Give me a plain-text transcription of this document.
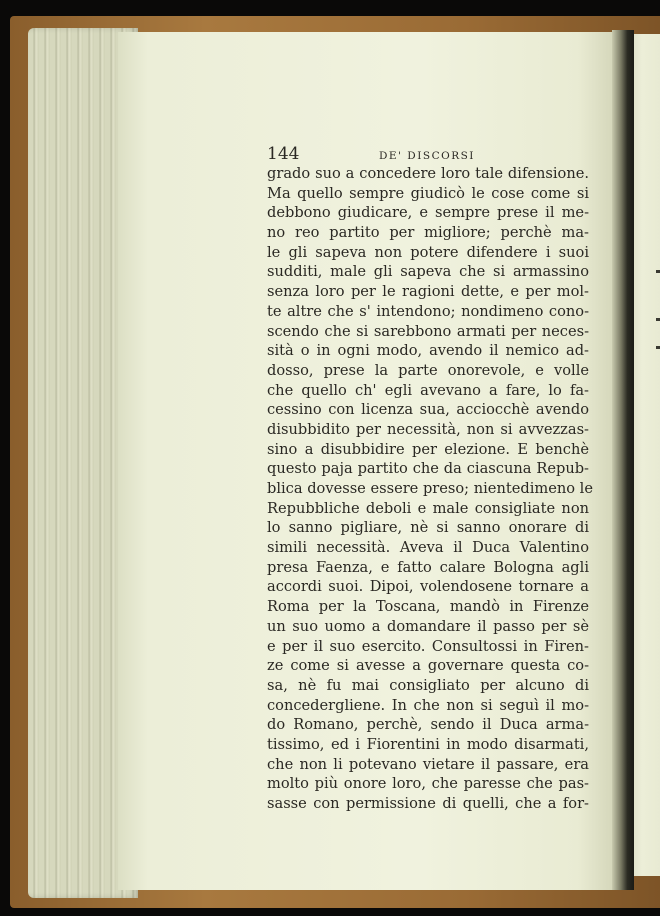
144	DE' DISCORSI
grado suo a concedere loro tale difensione.
Ma quello sempre giudicò le cose come si
debbono giudicare, e sempre prese il me-
no reo partito per migliore; perchè ma-
le gli sapeva non potere difendere i suoi
sudditi, male gli sapeva che si armassino
senza loro per le ragioni dette, e per mol-
te altre che s' intendono; nondimeno cono-
scendo che si sarebbono armati per neces-
sità o in ogni modo, avendo il nemico ad-
dosso, prese la parte onorevole, e volle
che quello ch' egli avevano a fare, lo fa-
cessino con licenza sua, acciocchè avendo
disubbidito per necessità, non si avvezzas-
sino a disubbidire per elezione. E benchè
questo paja partito che da ciascuna Repub-
blica dovesse essere preso; nientedimeno le
Repubbliche deboli e male consigliate non
lo sanno pigliare, nè si sanno onorare di
simili necessità. Aveva il Duca Valentino
presa Faenza, e fatto calare Bologna agli
accordi suoi. Dipoi, volendosene tornare a
Roma per la Toscana, mandò in Firenze
un suo uomo a domandare il passo per sè
e per il suo esercito. Consultossi in Firen-
ze come si avesse a governare questa co-
sa, nè fu mai consigliato per alcuno di
concedergliene. In che non si seguì il mo-
do Romano, perchè, sendo il Duca arma-
tissimo, ed i Fiorentini in modo disarmati,
che non li potevano vietare il passare, era
molto più onore loro, che paresse che pas-
sasse con permissione di quelli, che a for-
